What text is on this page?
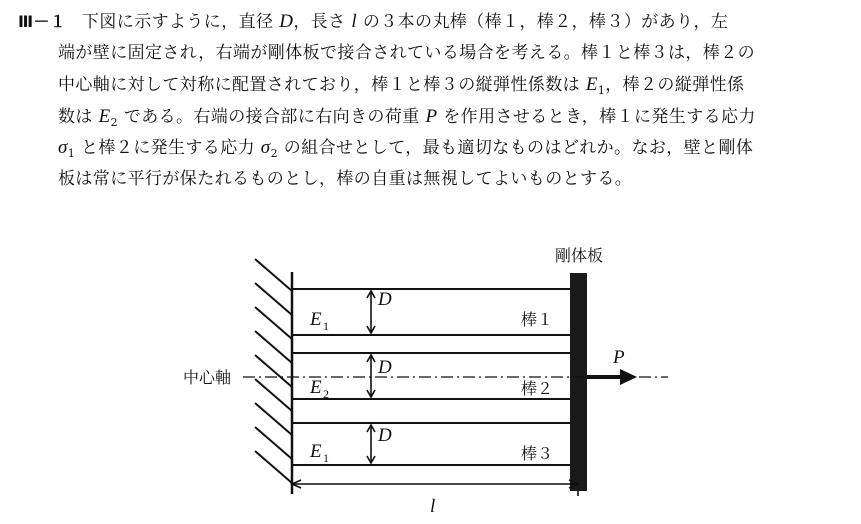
Ⅲ－１ 下図に示すように，直径 D，長さ l の３本の丸棒（棒１，棒２，棒３）があり，左
端が壁に固定され，右端が剛体板で接合されている場合を考える。棒１と棒３は，棒２の
中心軸に対して対称に配置されており，棒１と棒３の縦弾性係数は $E_1$，棒２の縦弾性係
数は $E_2$ である。右端の接合部に右向きの荷重 P を作用させるとき，棒１に発生する応力
$\sigma_1$ と棒２に発生する応力 $\sigma_2$ の組合せとして，最も適切なものはどれか。なお，壁と剛体
板は常に平行が保たれるものとし，棒の自重は無視してよいものとする。
剛体板
中心軸
P
l
D
D
D
E 1	棒１
E 2	棒２
E 1	棒３
